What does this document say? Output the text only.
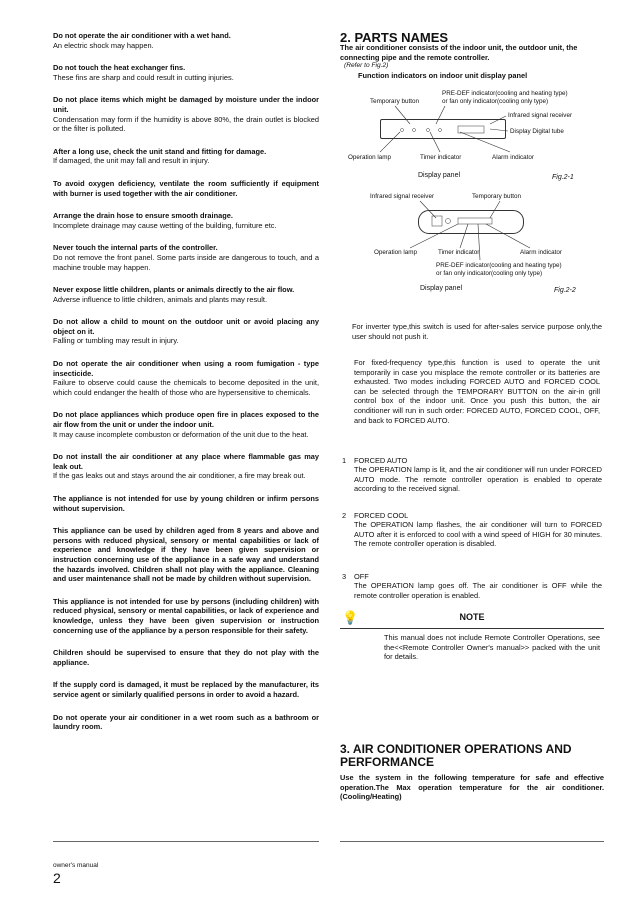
Do not operate the air conditioner with a wet hand.
An electric shock may happen.
Do not touch the heat exchanger fins.
These fins are sharp and could result in cutting injuries.
Do not place items which might be damaged by moisture under the indoor unit.
Condensation may form if the humidity is above 80%, the drain outlet is blocked or the filter is polluted.
After a long use, check the unit stand and fitting for damage.
If damaged, the unit may fall and result in injury.
To avoid oxygen deficiency, ventilate the room sufficiently if equipment with burner is used together with the air conditioner.
Arrange the drain hose to ensure smooth drainage.
Incomplete drainage may cause wetting of the building, furniture etc.
Never touch the internal parts of the controller.
Do not remove the front panel. Some parts inside are dangerous to touch, and a machine trouble may happen.
Never expose little children, plants or animals directly to the air flow.
Adverse influence to little children, animals and plants may result.
Do not allow a child to mount on the outdoor unit or avoid placing any object on it.
Falling or tumbling may result in injury.
Do not operate the air conditioner when using a room fumigation - type insecticide.
Failure to observe could cause the chemicals to become deposited in the unit, which could endanger the health of those who are hypersensitive to chemicals.
Do not place appliances which produce open fire in places exposed to the air flow from the unit or under the indoor unit.
It may cause incomplete combuston or deformation of the unit due to the heat.
Do not install the air conditioner at any place where flammable gas may leak out.
If the gas leaks out and stays around the air conditioner, a fire may break out.
The appliance is not intended for use by young children or infirm persons without supervision.
This appliance can be used by children aged from 8 years and above and persons with reduced physical, sensory or mental capabilities or lack of experience and knowledge if they have been given supervision or instruction concerning use of the appliance in a safe way and understand the hazards involved. Children shall not play with the appliance. Cleaning and user maintenance shall not be made by children without supervision.
This appliance is not intended for use by persons (including children) with reduced physical, sensory or mental capabilities, or lack of experience and knowledge, unless they have been given supervision or instruction concerning use of the appliance by a person responsible for their safety.
Children should be supervised to ensure that they do not play with the appliance.
If the supply cord is damaged, it must be replaced by the manufacturer, its service agent or similarly qualified persons in order to avoid a hazard.
Do not operate your air conditioner in a wet room such as a bathroom or laundry room.
owner's manual
2
2. PARTS NAMES
The air conditioner consists of the indoor unit, the outdoor unit, the connecting pipe and the remote controller.
(Refer to Fig.2)
Function indicators on indoor unit display panel
Temporary button
PRE-DEF indicator(cooling and heating type)
or fan only indicator(cooling only type)
Infrared signal receiver
Display Digital tube
Operation lamp	Timer indicator	Alarm indicator
Display panel	Fig.2-1
Infrared signal receiver	Temporary button
Operation lamp	Timer indicator	Alarm indicator
PRE-DEF indicator(cooling and heating type)
or fan only indicator(cooling only type)
Display panel	Fig.2-2
For inverter type,this switch is used for after-sales service purpose only,the user should not push it.
For fixed-frequency type,this function is used to operate the unit temporarily in case you misplace the remote controller or its batteries are exhausted. Two modes including FORCED AUTO and FORCED COOL can be selected through the TEMPORARY BUTTON on the air-in grill control box of the indoor unit. Once you push this button, the air conditioner will run in such order: FORCED AUTO, FORCED COOL, OFF, and back to FORCED AUTO.
1 FORCED AUTO
The OPERATION lamp is lit, and the air conditioner will run under FORCED AUTO mode. The remote controller operation is enabled to operate according to the received signal.
2 FORCED COOL
The OPERATION lamp flashes, the air conditioner will turn to FORCED AUTO after it is enforced to cool with a wind speed of HIGH for 30 minutes. The remote controller operation is disabled.
3 OFF
The OPERATION lamp goes off. The air conditioner is OFF while the remote controller operation is enabled.
💡	NOTE
This manual does not include Remote Controller Operations, see the<<Remote Controller Owner's manual>> packed with the unit for details.
3. AIR CONDITIONER OPERATIONS AND PERFORMANCE
Use the system in the following temperature for safe and effective operation.The Max operation temperature for the air conditioner.(Cooling/Heating)
